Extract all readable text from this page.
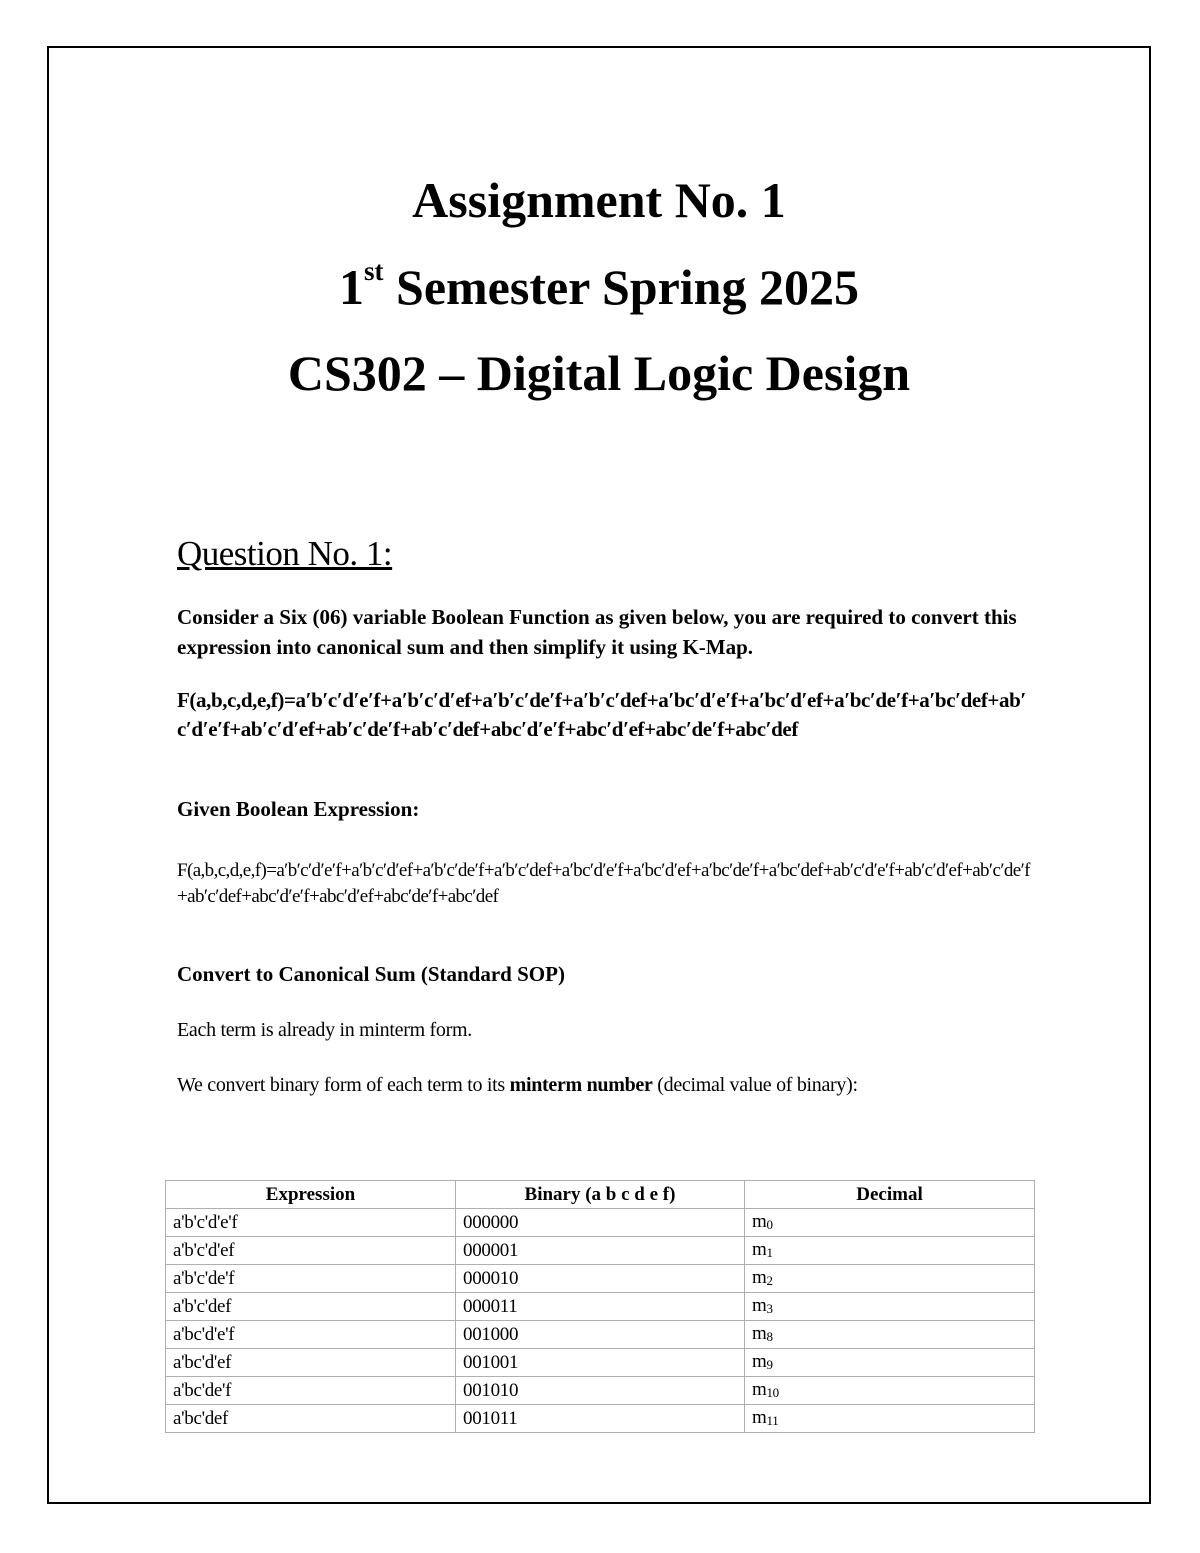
Assignment No. 1
1st Semester Spring 2025
CS302 – Digital Logic Design
Question No. 1:
Consider a Six (06) variable Boolean Function as given below, you are required to convert this expression into canonical sum and then simplify it using K-Map.
F(a,b,c,d,e,f)=a′b′c′d′e′f+a′b′c′d′ef+a′b′c′de′f+a′b′c′def+a′bc′d′e′f+a′bc′d′ef+a′bc′de′f+a′bc′def+ab′c′d′e′f+ab′c′d′ef+ab′c′de′f+ab′c′def+abc′d′e′f+abc′d′ef+abc′de′f+abc′def
Given Boolean Expression:
F(a,b,c,d,e,f)=a′b′c′d′e′f+a′b′c′d′ef+a′b′c′de′f+a′b′c′def+a′bc′d′e′f+a′bc′d′ef+a′bc′de′f+a′bc′def+ab′c′d′e′f+ab′c′d′ef+ab′c′de′f+ab′c′def+abc′d′e′f+abc′d′ef+abc′de′f+abc′def
Convert to Canonical Sum (Standard SOP)
Each term is already in minterm form.
We convert binary form of each term to its minterm number (decimal value of binary):
Expression	Binary (a b c d e f)	Decimal
a'b'c'd'e'f	000000	$m_0$
a'b'c'd'ef	000001	$m_1$
a'b'c'de'f	000010	$m_2$
a'b'c'def	000011	$m_3$
a'bc'd'e'f	001000	$m_8$
a'bc'd'ef	001001	$m_9$
a'bc'de'f	001010	$m_{10}$
a'bc'def	001011	$m_{11}$
